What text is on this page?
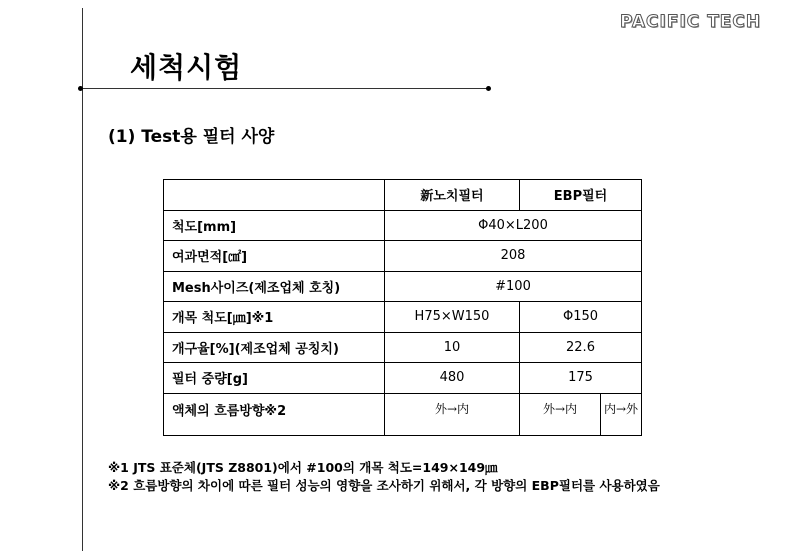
PACIFIC TECH
세척시험
(1) Test용 필터 사양
	新노치필터	EBP필터	
척도[mm]	Φ40×L200		
여과면적[㎠]	208		
Mesh사이즈(제조업체 호칭)	#100		
개목 척도[㎛]※1	H75×W150	Φ150	
개구율[%](제조업체 공칭치)	10	22.6	
필터 중량[g]	480	175	
액체의 흐름방향※2	外→内	外→内	内→外
※1 JTS 표준체(JTS Z8801)에서 #100의 개목 척도=149×149㎛
※2 흐름방향의 차이에 따른 필터 성능의 영향을 조사하기 위해서, 각 방향의 EBP필터를 사용하였음
